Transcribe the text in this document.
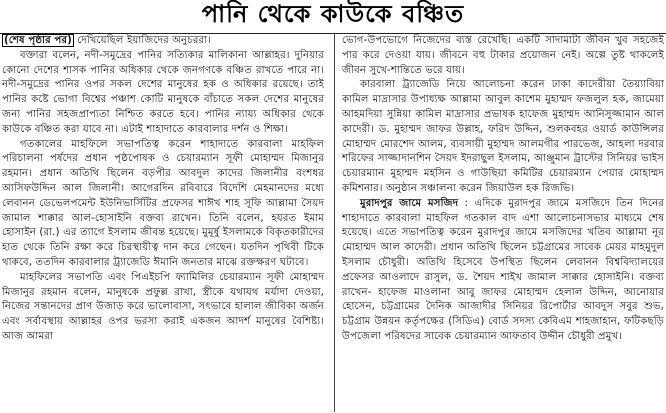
পানি থেকে কাউকে বঞ্চিত

(শেষ পৃষ্ঠার পর) দেখিয়েছিল ইয়াজিদের অনুচররা।

বক্তারা বলেন, নদী-সমুদ্রের পানির সত্যিকার মালিকানা আল্লাহর। দুনিয়ার কোনো দেশের শাসক পানির অধিকার থেকে জনগণকে বঞ্চিত রাখতে পারে না। নদী-সমুদ্রের পানির ওপর সকল দেশের মানুষের হক ও অধিকার রয়েছে। তাই পানির কষ্টে ভোগা বিশ্বের পঞ্চাশ কোটি মানুষকে বাঁচাতে সকল দেশের মানুষের জন্য পানির সহজপ্রাপ্যতা নিশ্চিত করতে হবে। পানির ন্যায্য অধিকার থেকে কাউকে বঞ্চিত করা যাবে না। এটাই শাহাদাতে কারবালার দর্শন ও শিক্ষা।

গতকালের মাহফিলে সভাপতিত্ব করেন শাহাদাতে কারবালা মাহফিল পরিচালনা পর্ষদের প্রধান পৃষ্ঠপোষক ও চেয়ারম্যান সূফী মোহাম্মদ মিজানুর রহমান। প্রধান অতিথি ছিলেন বড়পীর আবদুল কাদের জিলানীর বংশধর আসিফউদ্দিন আল জিলানী। আগেরদিন রবিবারে বিদেশি মেহমানদের মধ্যে লেবানন ডেভেলপমেন্ট ইউনিভার্সিটির প্রফেসর শাঈখ শাহ সূফি আল্লামা সৈয়দ জামাল শাক্কার আল-হোসাইনি বক্তব্য রাখেন। তিনি বলেন, হযরত ইমাম হোসাইন (রা.) এর ত্যাগে ইসলাম জীবন্ত হয়েছে। মুমূর্ষু ইসলামকে বিকৃতকারীদের হাত থেকে তিনি রক্ষা করে চিরস্থায়ীত্ব দান করে গেছেন। যতদিন পৃথিবী টিকে থাকবে, ততদিন কারবালার ট্র্যাজেডি ঈমানি জনতার মাঝে রক্তক্ষরণ ঘটাবে।

মাহফিলের সভাপতি এবং পিএইচপি ফ্যামিলির চেয়ারম্যান সূফী মোহাম্মদ মিজানুর রহমান বলেন, মানুষকে প্রফুল্ল রাখা, স্ত্রীকে যথাযথ মর্যাদা দেওয়া, নিজের সন্তানদের প্রাণ উজাড় করে ভালোবাসা, সৎভাবে হালাল জীবিকা অর্জন এবং সর্বাবস্থায় আল্লাহর ওপর ভরসা করাই একজন আদর্শ মানুষের বৈশিষ্ট্য। আজ আমরা

ভোগ-উপভোগে নিজেদের ব্যস্ত রেখেছি। একটি সাদামাটা জীবন খুব সহজেই পার করে দেওয়া যায়। জীবনে বহু টাকার প্রয়োজন নেই। অল্পে তুষ্ট থাকলেই জীবন সুখে-শান্তিতে ভরে যায়।

কারবালা ট্র্যাজেডি নিয়ে আলোচনা করেন ঢাকা কাদেরীয়া তৈয়্যাবিয়া কামিল মাদ্রাসার উপাধ্যক্ষ আল্লামা আবুল কাশেম মুহাম্মদ ফজলুল হক, জামেয়া আহমদিয়া সুন্নিয়া কামিল মাদ্রাসার প্রভাষক হাফেজ মুহাম্মদ আনিসুজ্জামান আল কাদেরী। ড. মুহাম্মদ জাফর উল্লাহ, ফরিদ উদ্দিন, শুলকবহর ওয়ার্ড কাউন্সিলর মোহাম্মদ মোরশেদ আলম, ব্যবসায়ী মুহাম্মদ আলমগীর পারভেজ, আহলা দরবার শরিফের সাজ্জাদানশিন সৈয়দ ইদরাছুল ইসলাম, আঞ্জুমান ট্রাস্টের সিনিয়র ভাইস চেয়ারম্যান মুহাম্মদ মহসিন ও গাউছিয়া কমিটির চেয়ারম্যান পেয়ার মোহাম্মদ কমিশনার। অনুষ্ঠান সঞ্চালনা করেন জিয়াউল হক রিজভি।

মুরাদপুর জামে মসজিদ : এদিকে মুরাদপুর জামে মসজিদে তিন দিনের শাহাদাতে কারবালা মাহফিল গতকাল বাদ এশা আলোচনাসভার মাধ্যমে শেষ হয়েছে। এতে সভাপতিত্ব করেন মুরাদপুর জামে মসজিদের খতিব আল্লামা নূর মোহাম্মদ আল কাদেরী। প্রধান অতিথি ছিলেন চট্টগ্রামের সাবেক মেয়র মাহমুদুল ইসলাম চৌধুরী। অতিথি হিসেবে উপস্থিত ছিলেন লেবানন বিশ্ববিদ্যালয়ের প্রফেসর আওলাদে রাসুল, ড. শৈয়দ শাইখ জামাল সাক্কার হোসাইনি। বক্তব্য রাখেন- হাফেজ মাওলানা আবু জাফর মোহাম্মদ হেলাল উদ্দিন, আনোয়ার হোসেন, চট্টগ্রামের দৈনিক আজাদীর সিনিয়র রিপোর্টার আবদুস সবুর শুভ, চট্টগ্রাম উন্নয়ন কর্তৃপক্ষের (সিডিএ) বোর্ড সদস্য কেবিএম শাহজাহান, ফটিকছড়ি উপজেলা পরিষদের সাবেক চেয়ারম্যান আফতাব উদ্দীন চৌধুরী প্রমুখ।
